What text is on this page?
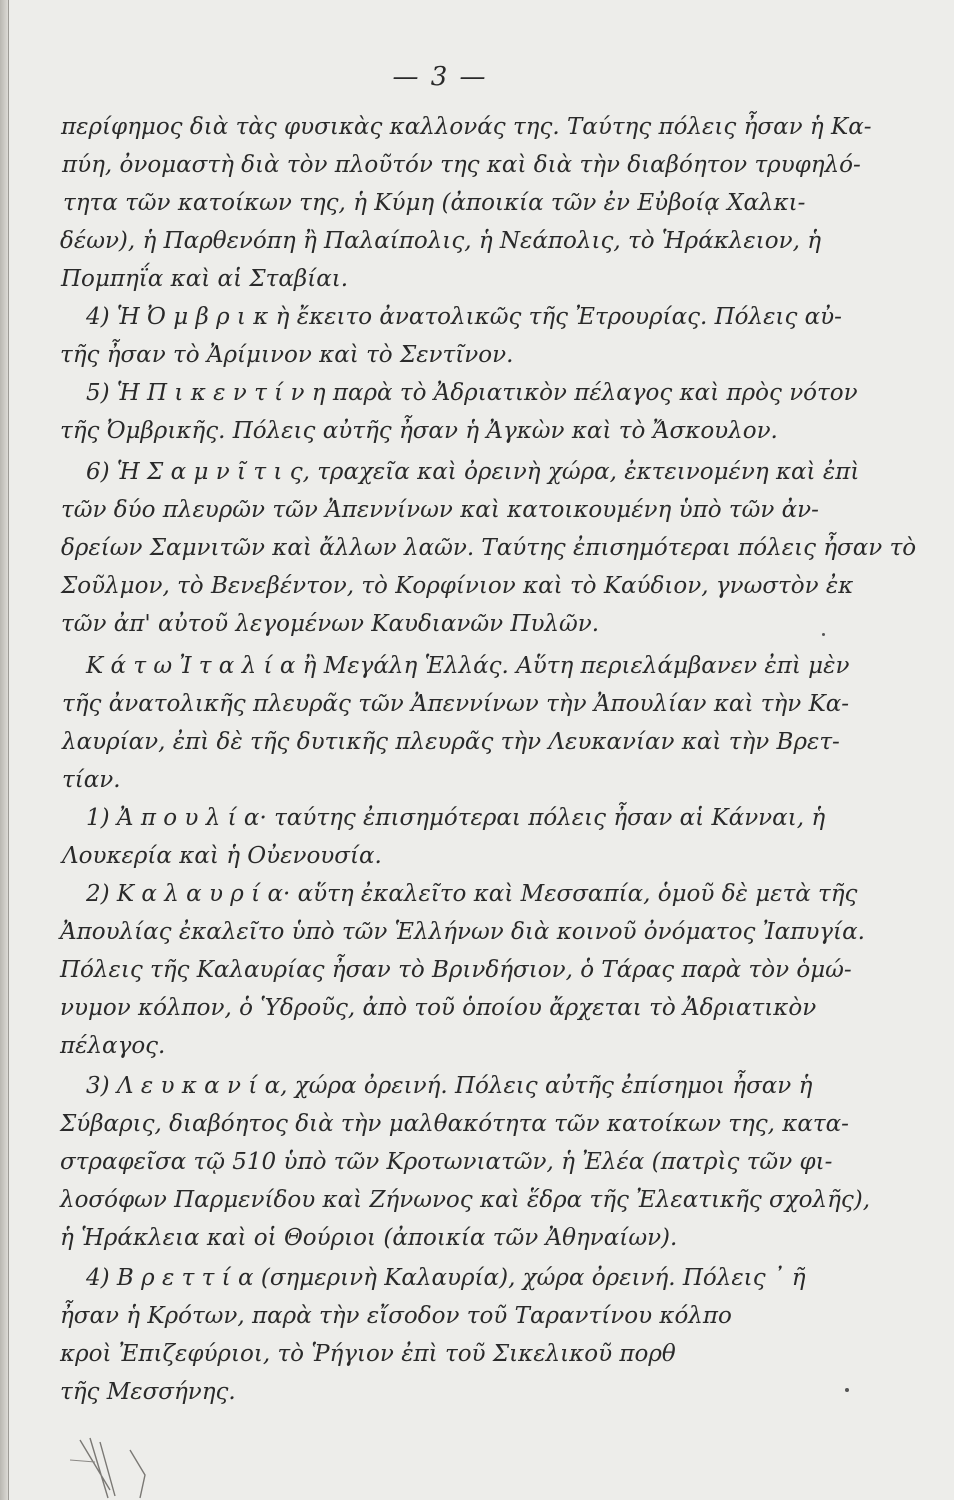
— 3 —
περίφημος διὰ τὰς φυσικὰς καλλονάς της. Ταύτης πόλεις ἦσαν ἡ Κα-
πύη, ὀνομαστὴ διὰ τὸν πλοῦτόν της καὶ διὰ τὴν διαβόητον τρυφηλό-
τητα τῶν κατοίκων της, ἡ Κύμη (ἀποικία τῶν ἐν Εὐβοίᾳ Χαλκι-
δέων), ἡ Παρθενόπη ἢ Παλαίπολις, ἡ Νεάπολις, τὸ Ἡράκλειον, ἡ
Πομπηΐα καὶ αἱ Σταβίαι.
4) Ἡ Ὀ μ β ρ ι κ ὴ ἔκειτο ἀνατολικῶς τῆς Ἐτρουρίας. Πόλεις αὐ-
τῆς ἦσαν τὸ Ἀρίμινον καὶ τὸ Σεντῖνον.
5) Ἡ Π ι κ ε ν τ ί ν η παρὰ τὸ Ἀδριατικὸν πέλαγος καὶ πρὸς νότον
τῆς Ὀμβρικῆς. Πόλεις αὐτῆς ἦσαν ἡ Ἀγκὼν καὶ τὸ Ἄσκουλον.
6) Ἡ Σ α μ ν ῖ τ ι ς, τραχεῖα καὶ ὀρεινὴ χώρα, ἐκτεινομένη καὶ ἐπὶ
τῶν δύο πλευρῶν τῶν Ἀπεννίνων καὶ κατοικουμένη ὑπὸ τῶν ἀν-
δρείων Σαμνιτῶν καὶ ἄλλων λαῶν. Ταύτης ἐπισημότεραι πόλεις ἦσαν τὸ
Σοῦλμον, τὸ Βενεβέντον, τὸ Κορφίνιον καὶ τὸ Καύδιον, γνωστὸν ἐκ
τῶν ἀπ' αὐτοῦ λεγομένων Καυδιανῶν Πυλῶν.
Κ ά τ ω Ἰ τ α λ ί α ἢ Μεγάλη Ἑλλάς. Αὕτη περιελάμβανεν ἐπὶ μὲν
τῆς ἀνατολικῆς πλευρᾶς τῶν Ἀπεννίνων τὴν Ἀπουλίαν καὶ τὴν Κα-
λαυρίαν, ἐπὶ δὲ τῆς δυτικῆς πλευρᾶς τὴν Λευκανίαν καὶ τὴν Βρετ-
τίαν.
1) Ἀ π ο υ λ ί α· ταύτης ἐπισημότεραι πόλεις ἦσαν αἱ Κάνναι, ἡ
Λουκερία καὶ ἡ Οὐενουσία.
2) Κ α λ α υ ρ ί α· αὕτη ἐκαλεῖτο καὶ Μεσσαπία, ὁμοῦ δὲ μετὰ τῆς
Ἀπουλίας ἐκαλεῖτο ὑπὸ τῶν Ἑλλήνων διὰ κοινοῦ ὀνόματος Ἰαπυγία.
Πόλεις τῆς Καλαυρίας ἦσαν τὸ Βρινδήσιον, ὁ Τάρας παρὰ τὸν ὁμώ-
νυμον κόλπον, ὁ Ὑδροῦς, ἀπὸ τοῦ ὁποίου ἄρχεται τὸ Ἀδριατικὸν
πέλαγος.
3) Λ ε υ κ α ν ί α, χώρα ὀρεινή. Πόλεις αὐτῆς ἐπίσημοι ἦσαν ἡ
Σύβαρις, διαβόητος διὰ τὴν μαλθακότητα τῶν κατοίκων της, κατα-
στραφεῖσα τῷ 510 ὑπὸ τῶν Κροτωνιατῶν, ἡ Ἐλέα (πατρὶς τῶν φι-
λοσόφων Παρμενίδου καὶ Ζήνωνος καὶ ἕδρα τῆς Ἐλεατικῆς σχολῆς),
ἡ Ἡράκλεια καὶ οἱ Θούριοι (ἀποικία τῶν Ἀθηναίων).
4) Β ρ ε τ τ ί α (σημερινὴ Καλαυρία), χώρα ὀρεινή. Πόλεις ᾽ ῆ
ἦσαν ἡ Κρότων, παρὰ τὴν εἴσοδον τοῦ Ταραντίνου κόλπο
κροὶ Ἐπιζεφύριοι, τὸ Ῥήγιον ἐπὶ τοῦ Σικελικοῦ πορθ
τῆς Μεσσήνης.
